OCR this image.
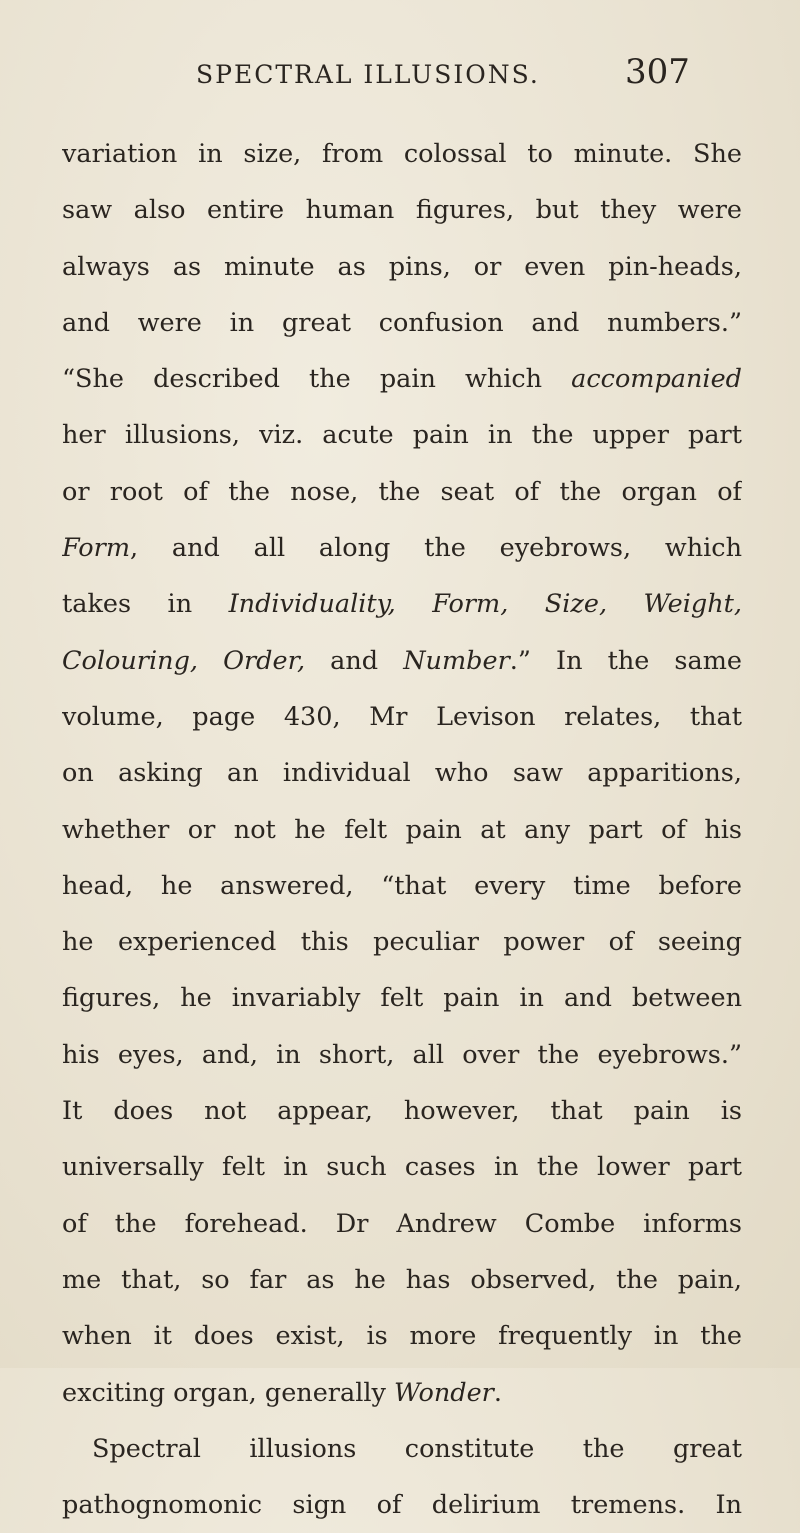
SPECTRAL ILLUSIONS.	307
variation in size, from colossal to minute. She
saw also entire human figures, but they were
always as minute as pins, or even pin-heads,
and were in great confusion and numbers.”
“She described the pain which accompanied
her illusions, viz. acute pain in the upper part
or root of the nose, the seat of the organ of
Form, and all along the eyebrows, which
takes in Individuality, Form, Size, Weight,
Colouring, Order, and Number.” In the same
volume, page 430, Mr Levison relates, that
on asking an individual who saw apparitions,
whether or not he felt pain at any part of his
head, he answered, “that every time before
he experienced this peculiar power of seeing
figures, he invariably felt pain in and between
his eyes, and, in short, all over the eyebrows.”
It does not appear, however, that pain is
universally felt in such cases in the lower part
of the forehead. Dr Andrew Combe informs
me that, so far as he has observed, the pain,
when it does exist, is more frequently in the
exciting organ, generally Wonder.
Spectral illusions constitute the great
pathognomonic sign of delirium tremens. In
